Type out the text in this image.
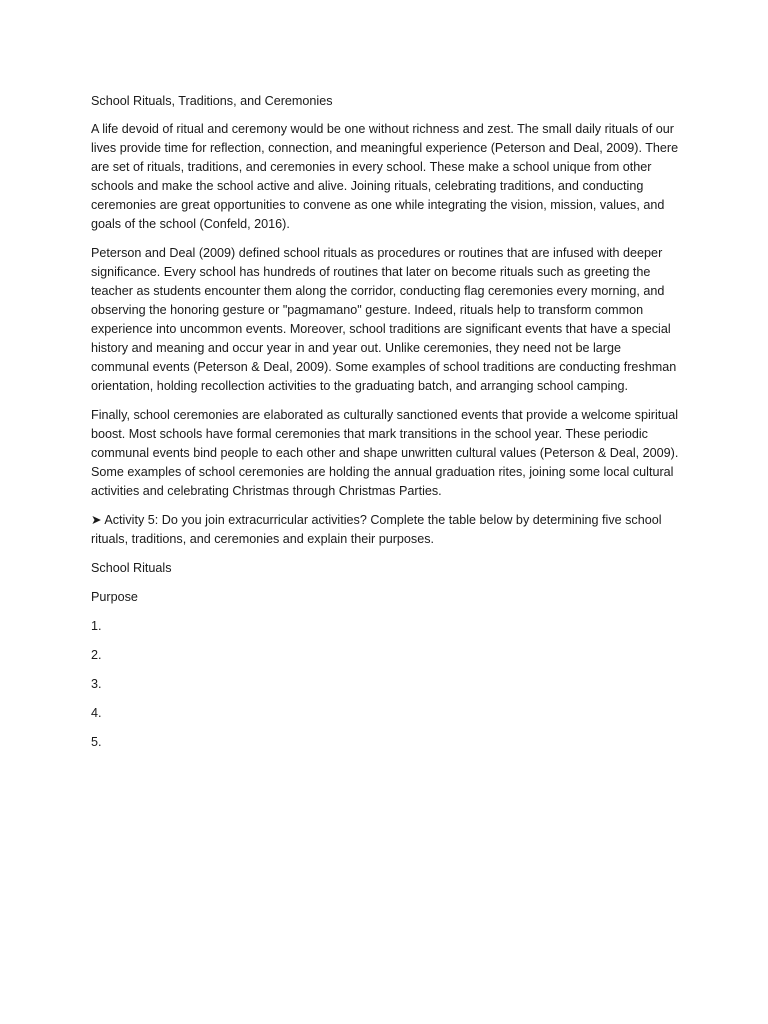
School Rituals, Traditions, and Ceremonies

A life devoid of ritual and ceremony would be one without richness and zest. The small daily rituals of our lives provide time for reflection, connection, and meaningful experience (Peterson and Deal, 2009). There are set of rituals, traditions, and ceremonies in every school. These make a school unique from other schools and make the school active and alive. Joining rituals, celebrating traditions, and conducting ceremonies are great opportunities to convene as one while integrating the vision, mission, values, and goals of the school (Confeld, 2016).

Peterson and Deal (2009) defined school rituals as procedures or routines that are infused with deeper significance. Every school has hundreds of routines that later on become rituals such as greeting the teacher as students encounter them along the corridor, conducting flag ceremonies every morning, and observing the honoring gesture or "pagmamano" gesture. Indeed, rituals help to transform common experience into uncommon events. Moreover, school traditions are significant events that have a special history and meaning and occur year in and year out. Unlike ceremonies, they need not be large communal events (Peterson & Deal, 2009). Some examples of school traditions are conducting freshman orientation, holding recollection activities to the graduating batch, and arranging school camping.

Finally, school ceremonies are elaborated as culturally sanctioned events that provide a welcome spiritual boost. Most schools have formal ceremonies that mark transitions in the school year. These periodic communal events bind people to each other and shape unwritten cultural values (Peterson & Deal, 2009). Some examples of school ceremonies are holding the annual graduation rites, joining some local cultural activities and celebrating Christmas through Christmas Parties.

➤ Activity 5: Do you join extracurricular activities? Complete the table below by determining five school rituals, traditions, and ceremonies and explain their purposes.

School Rituals

Purpose

1.

2.

3.

4.

5.
